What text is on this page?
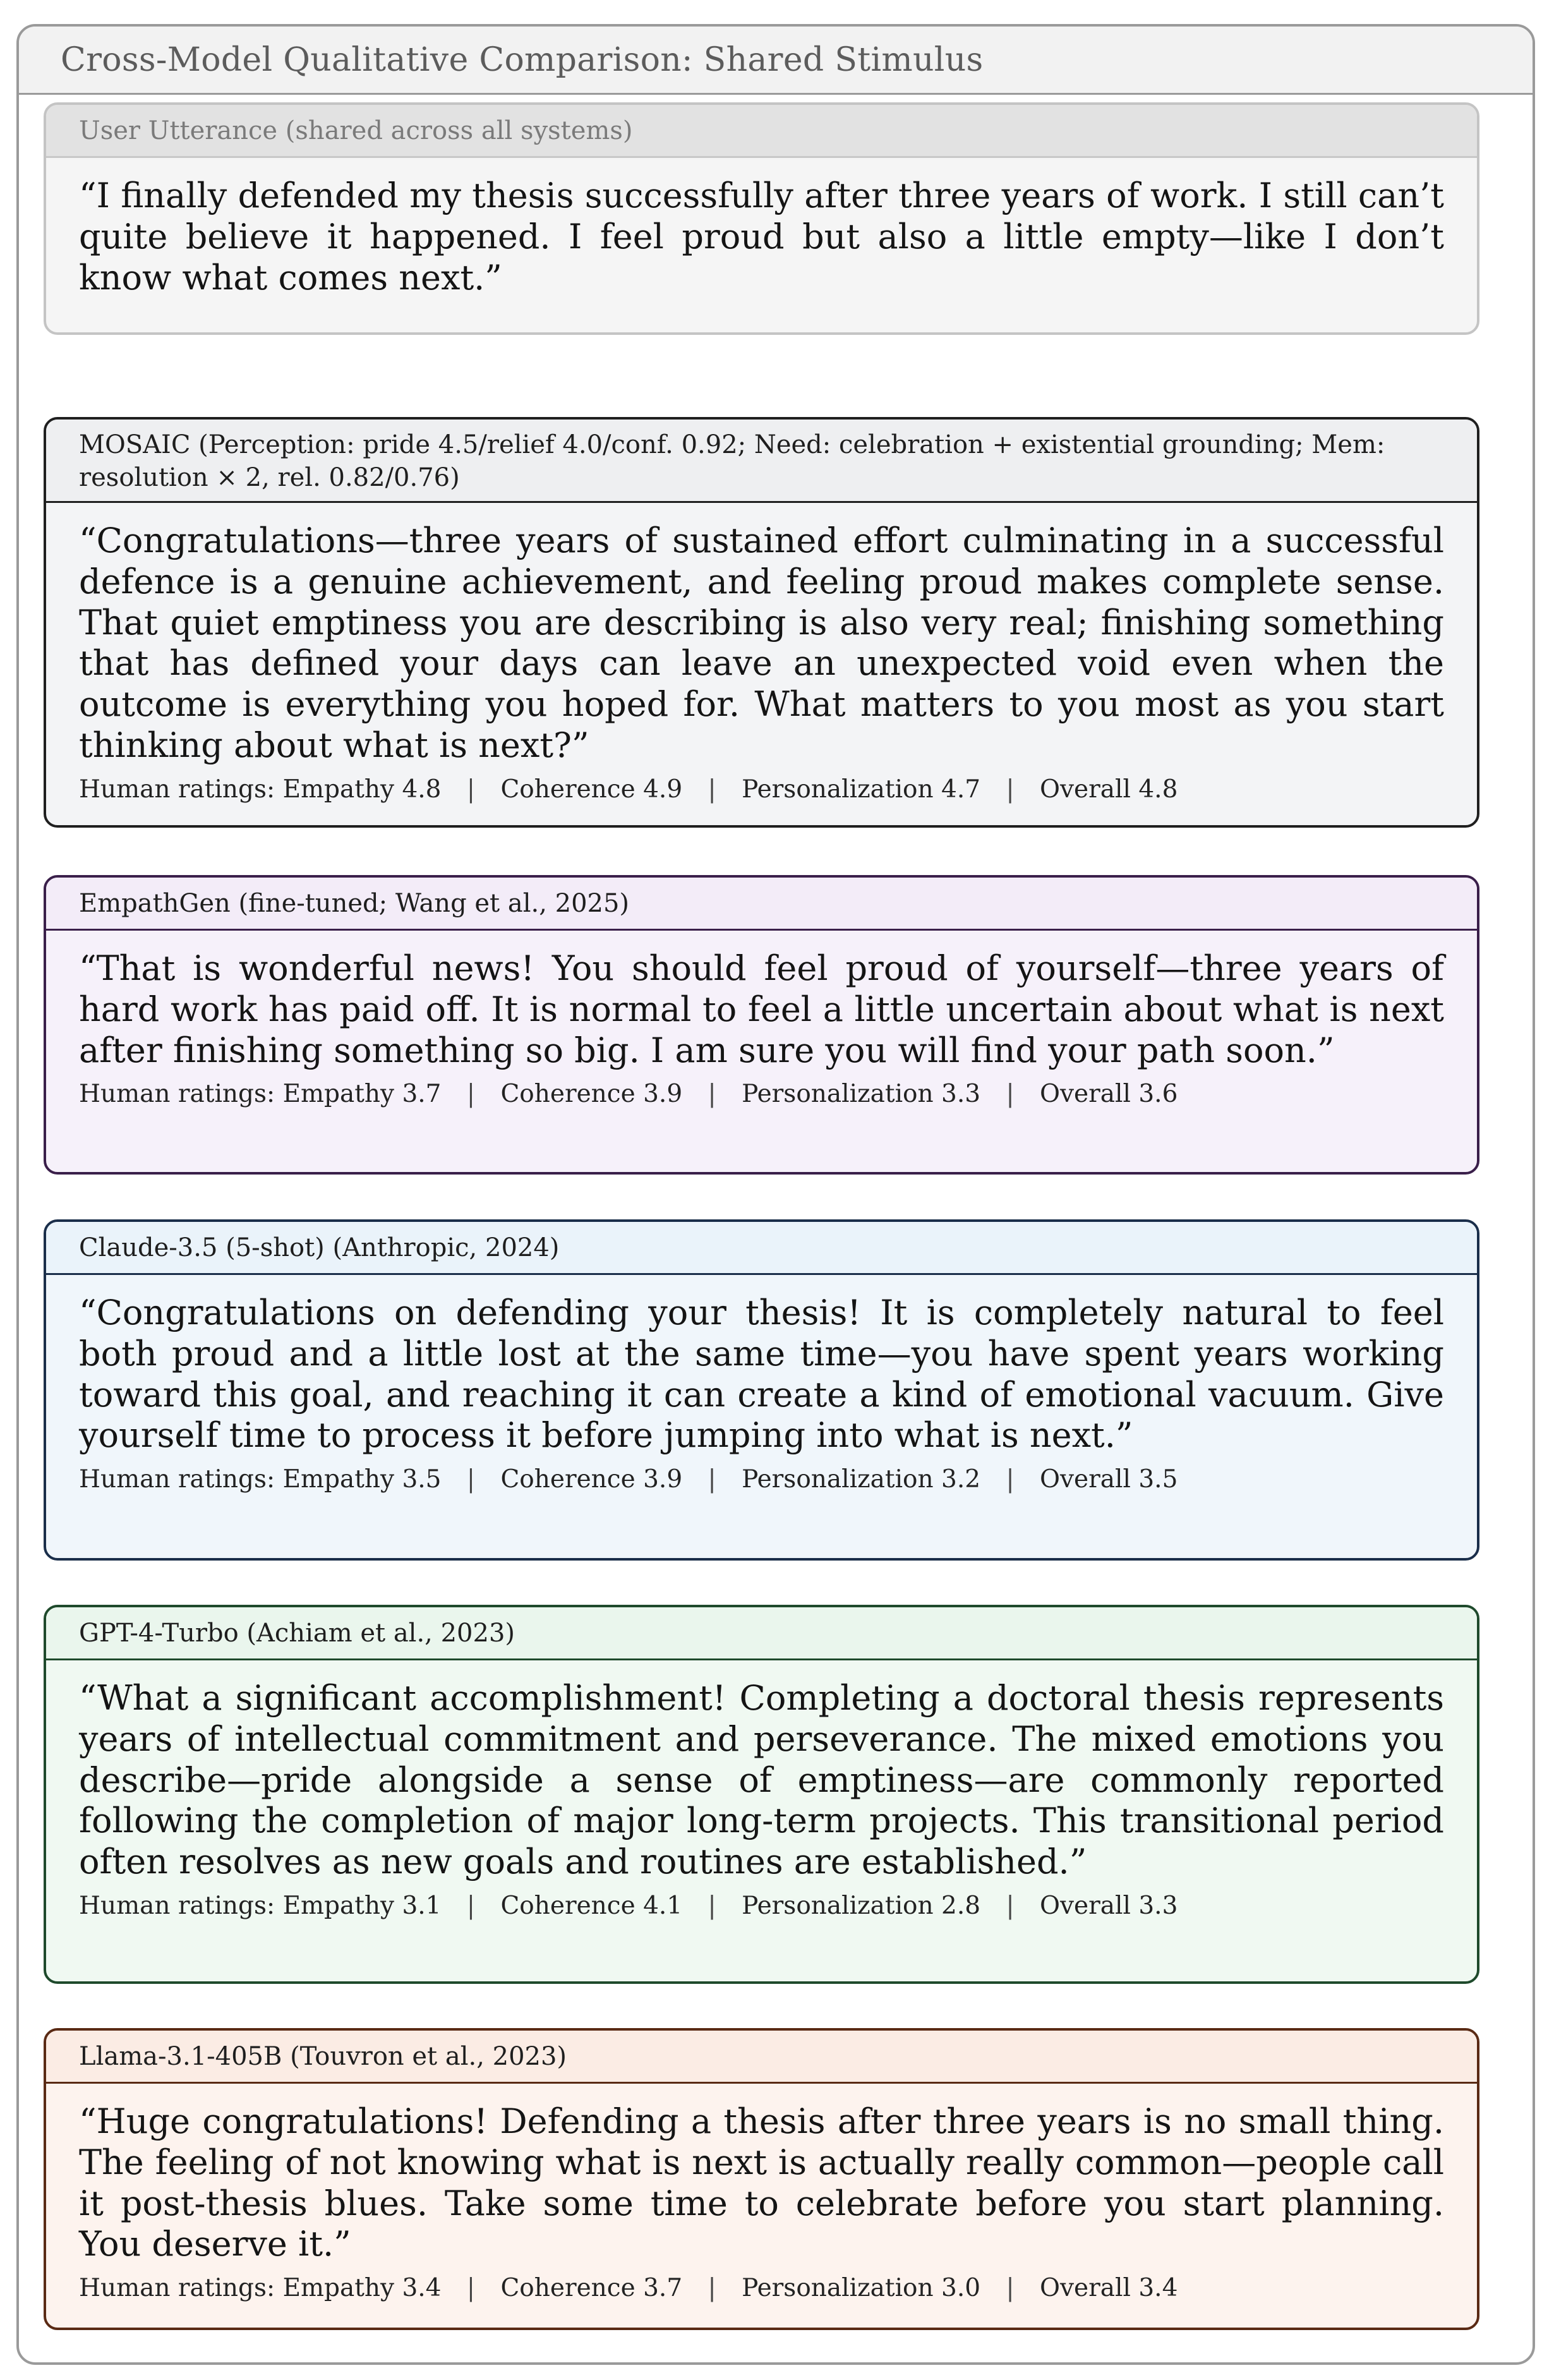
Cross-Model Qualitative Comparison: Shared Stimulus
User Utterance (shared across all systems)

“I finally defended my thesis successfully after three years of work. I still can’t quite believe it happened. I feel proud but also a little empty—like I don’t know what comes next.”

MOSAIC (Perception: pride 4.5/relief 4.0/conf. 0.92; Need: celebration + existential grounding; Mem: resolution × 2, rel. 0.82/0.76)

“Congratulations—three years of sustained effort culminating in a successful defence is a genuine achievement, and feeling proud makes complete sense. That quiet emptiness you are describing is also very real; finishing something that has defined your days can leave an unexpected void even when the outcome is everything you hoped for. What matters to you most as you start thinking about what is next?”

Human ratings: Empathy 4.8 | Coherence 4.9 | Personalization 4.7 | Overall 4.8
EmpathGen (fine-tuned; Wang et al., 2025)

“That is wonderful news! You should feel proud of yourself—three years of hard work has paid off. It is normal to feel a little uncertain about what is next after finishing something so big. I am sure you will find your path soon.”

Human ratings: Empathy 3.7 | Coherence 3.9 | Personalization 3.3 | Overall 3.6
Claude-3.5 (5-shot) (Anthropic, 2024)

“Congratulations on defending your thesis! It is completely natural to feel both proud and a little lost at the same time—you have spent years working toward this goal, and reaching it can create a kind of emotional vacuum. Give yourself time to process it before jumping into what is next.”

Human ratings: Empathy 3.5 | Coherence 3.9 | Personalization 3.2 | Overall 3.5
GPT-4-Turbo (Achiam et al., 2023)

“What a significant accomplishment! Completing a doctoral thesis represents years of intellectual commitment and perseverance. The mixed emotions you describe—pride alongside a sense of emptiness—are commonly reported following the completion of major long-term projects. This transitional period often resolves as new goals and routines are established.”

Human ratings: Empathy 3.1 | Coherence 4.1 | Personalization 2.8 | Overall 3.3
Llama-3.1-405B (Touvron et al., 2023)

“Huge congratulations! Defending a thesis after three years is no small thing. The feeling of not knowing what is next is actually really common—people call it post-thesis blues. Take some time to celebrate before you start planning. You deserve it.”

Human ratings: Empathy 3.4 | Coherence 3.7 | Personalization 3.0 | Overall 3.4
